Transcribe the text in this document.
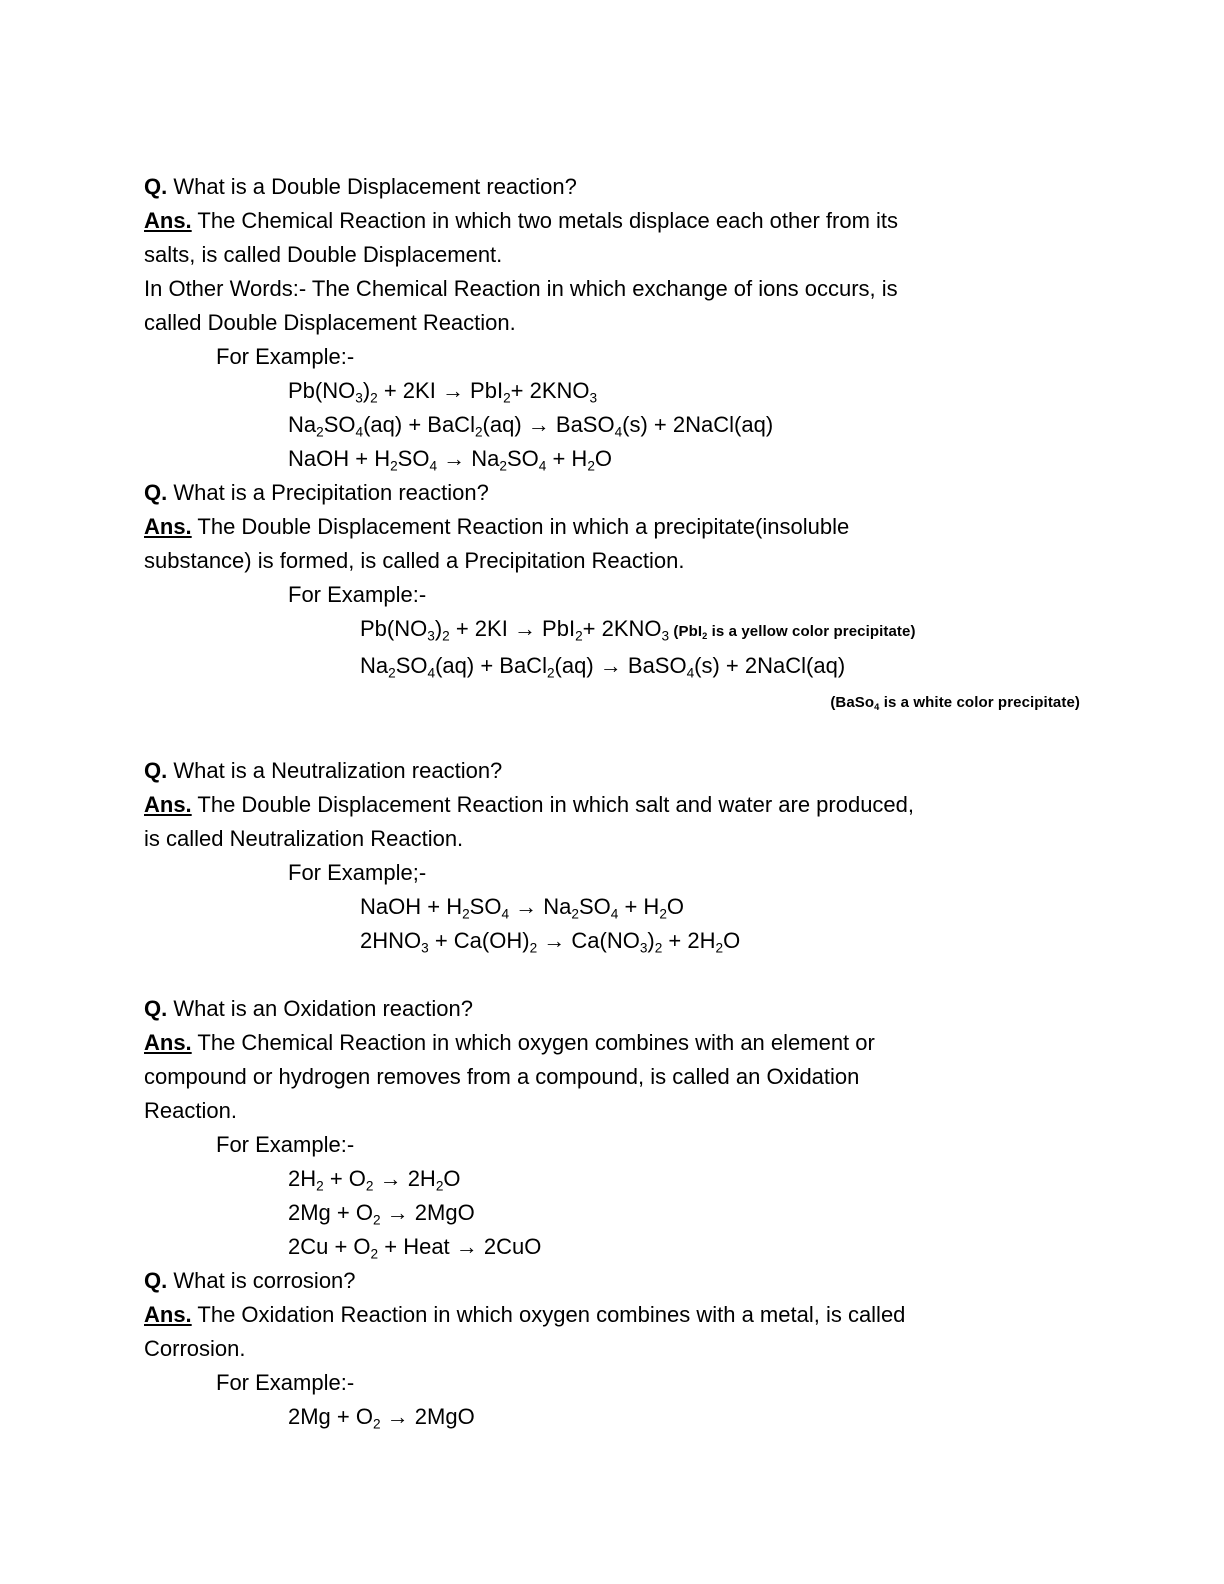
Q. What is a Double Displacement reaction?
Ans. The Chemical Reaction in which two metals displace each other from its
salts, is called Double Displacement.
In Other Words:- The Chemical Reaction in which exchange of ions occurs, is
called Double Displacement Reaction.
For Example:-
$Pb(NO_3)_2 + 2KI \to PbI_2+ 2KNO_3$
$Na_2SO_4(aq)$ + BaCl$_2$(aq) → BaSO$_4$(s) + 2NaCl(aq)
NaOH + $H_2SO_4 \to Na_2SO_4 + H_2O$
Q. What is a Precipitation reaction?
Ans. The Double Displacement Reaction in which a precipitate(insoluble
substance) is formed, is called a Precipitation Reaction.
For Example:-
$Pb(NO_3)_2 + 2KI \to PbI_2+ 2KNO_3$ (PbI$_2$ is a yellow color precipitate)
$Na_2SO_4(aq)$ + BaCl$_2$(aq) → BaSO$_4$(s) + 2NaCl(aq)
(BaSo$_4$ is a white color precipitate)

Q. What is a Neutralization reaction?
Ans. The Double Displacement Reaction in which salt and water are produced,
is called Neutralization Reaction.
For Example;-
NaOH + $H_2SO_4 \to Na_2SO_4 + H_2O$
$2HNO_3 + Ca(OH)_2 \to Ca(NO_3)_2 + 2H_2O$

Q. What is an Oxidation reaction?
Ans. The Chemical Reaction in which oxygen combines with an element or
compound or hydrogen removes from a compound, is called an Oxidation
Reaction.
For Example:-
$2H_2 + O_2 \to 2H_2O$
$2Mg + O_2 \to 2MgO$
$2Cu + O_2$ + Heat → 2CuO
Q. What is corrosion?
Ans. The Oxidation Reaction in which oxygen combines with a metal, is called
Corrosion.
For Example:-
$2Mg + O_2 \to 2MgO$
